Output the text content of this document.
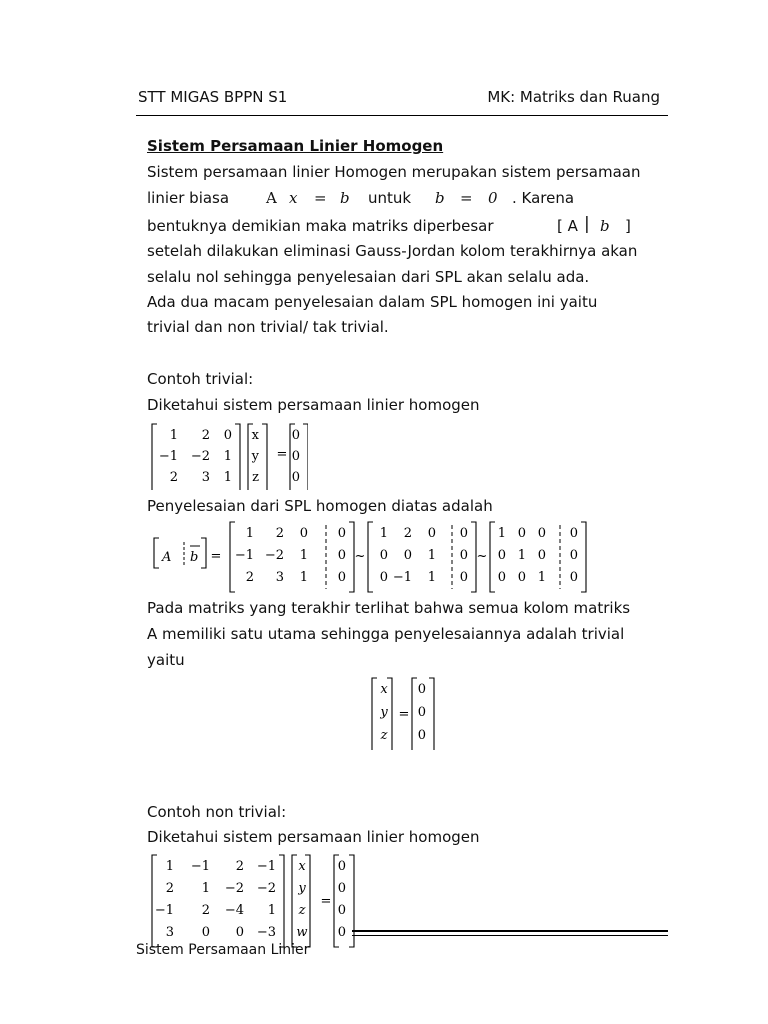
STT MIGAS BPPN S1	MK: Matriks dan Ruang
Sistem Persamaan Linier Homogen
Sistem persamaan linier Homogen merupakan sistem persamaan
linier biasa A x = b untuk b = 0 . Karena
bentuknya demikian maka matriks diperbesar	[ A | b ]
setelah dilakukan eliminasi Gauss-Jordan kolom terakhirnya akan
selalu nol sehingga penyelesaian dari SPL akan selalu ada.
Ada dua macam penyelesaian dalam SPL homogen ini yaitu
trivial dan non trivial/ tak trivial.
Contoh trivial:
Diketahui sistem persamaan linier homogen
1 2 0
−1 −2 1
2 3 1
x
y
z
=
0
0
0
Penyelesaian dari SPL homogen diatas adalah
A b =
1 2 0 0
−1 −2 1 0
2 3 1 0
~
1 2 0 0
0 0 1 0
0 −1 1 0
~
1 0 0 0
0 1 0 0
0 0 1 0
Pada matriks yang terakhir terlihat bahwa semua kolom matriks
A memiliki satu utama sehingga penyelesaiannya adalah trivial
yaitu
x
y
z
=
0
0
0
Contoh non trivial:
Diketahui sistem persamaan linier homogen
1 −1 2 −1
2 1 −2 −2
−1 2 −4 1
3 0 0 −3
x
y
z
w
=
0
0
0
0
Sistem Persamaan Linier
